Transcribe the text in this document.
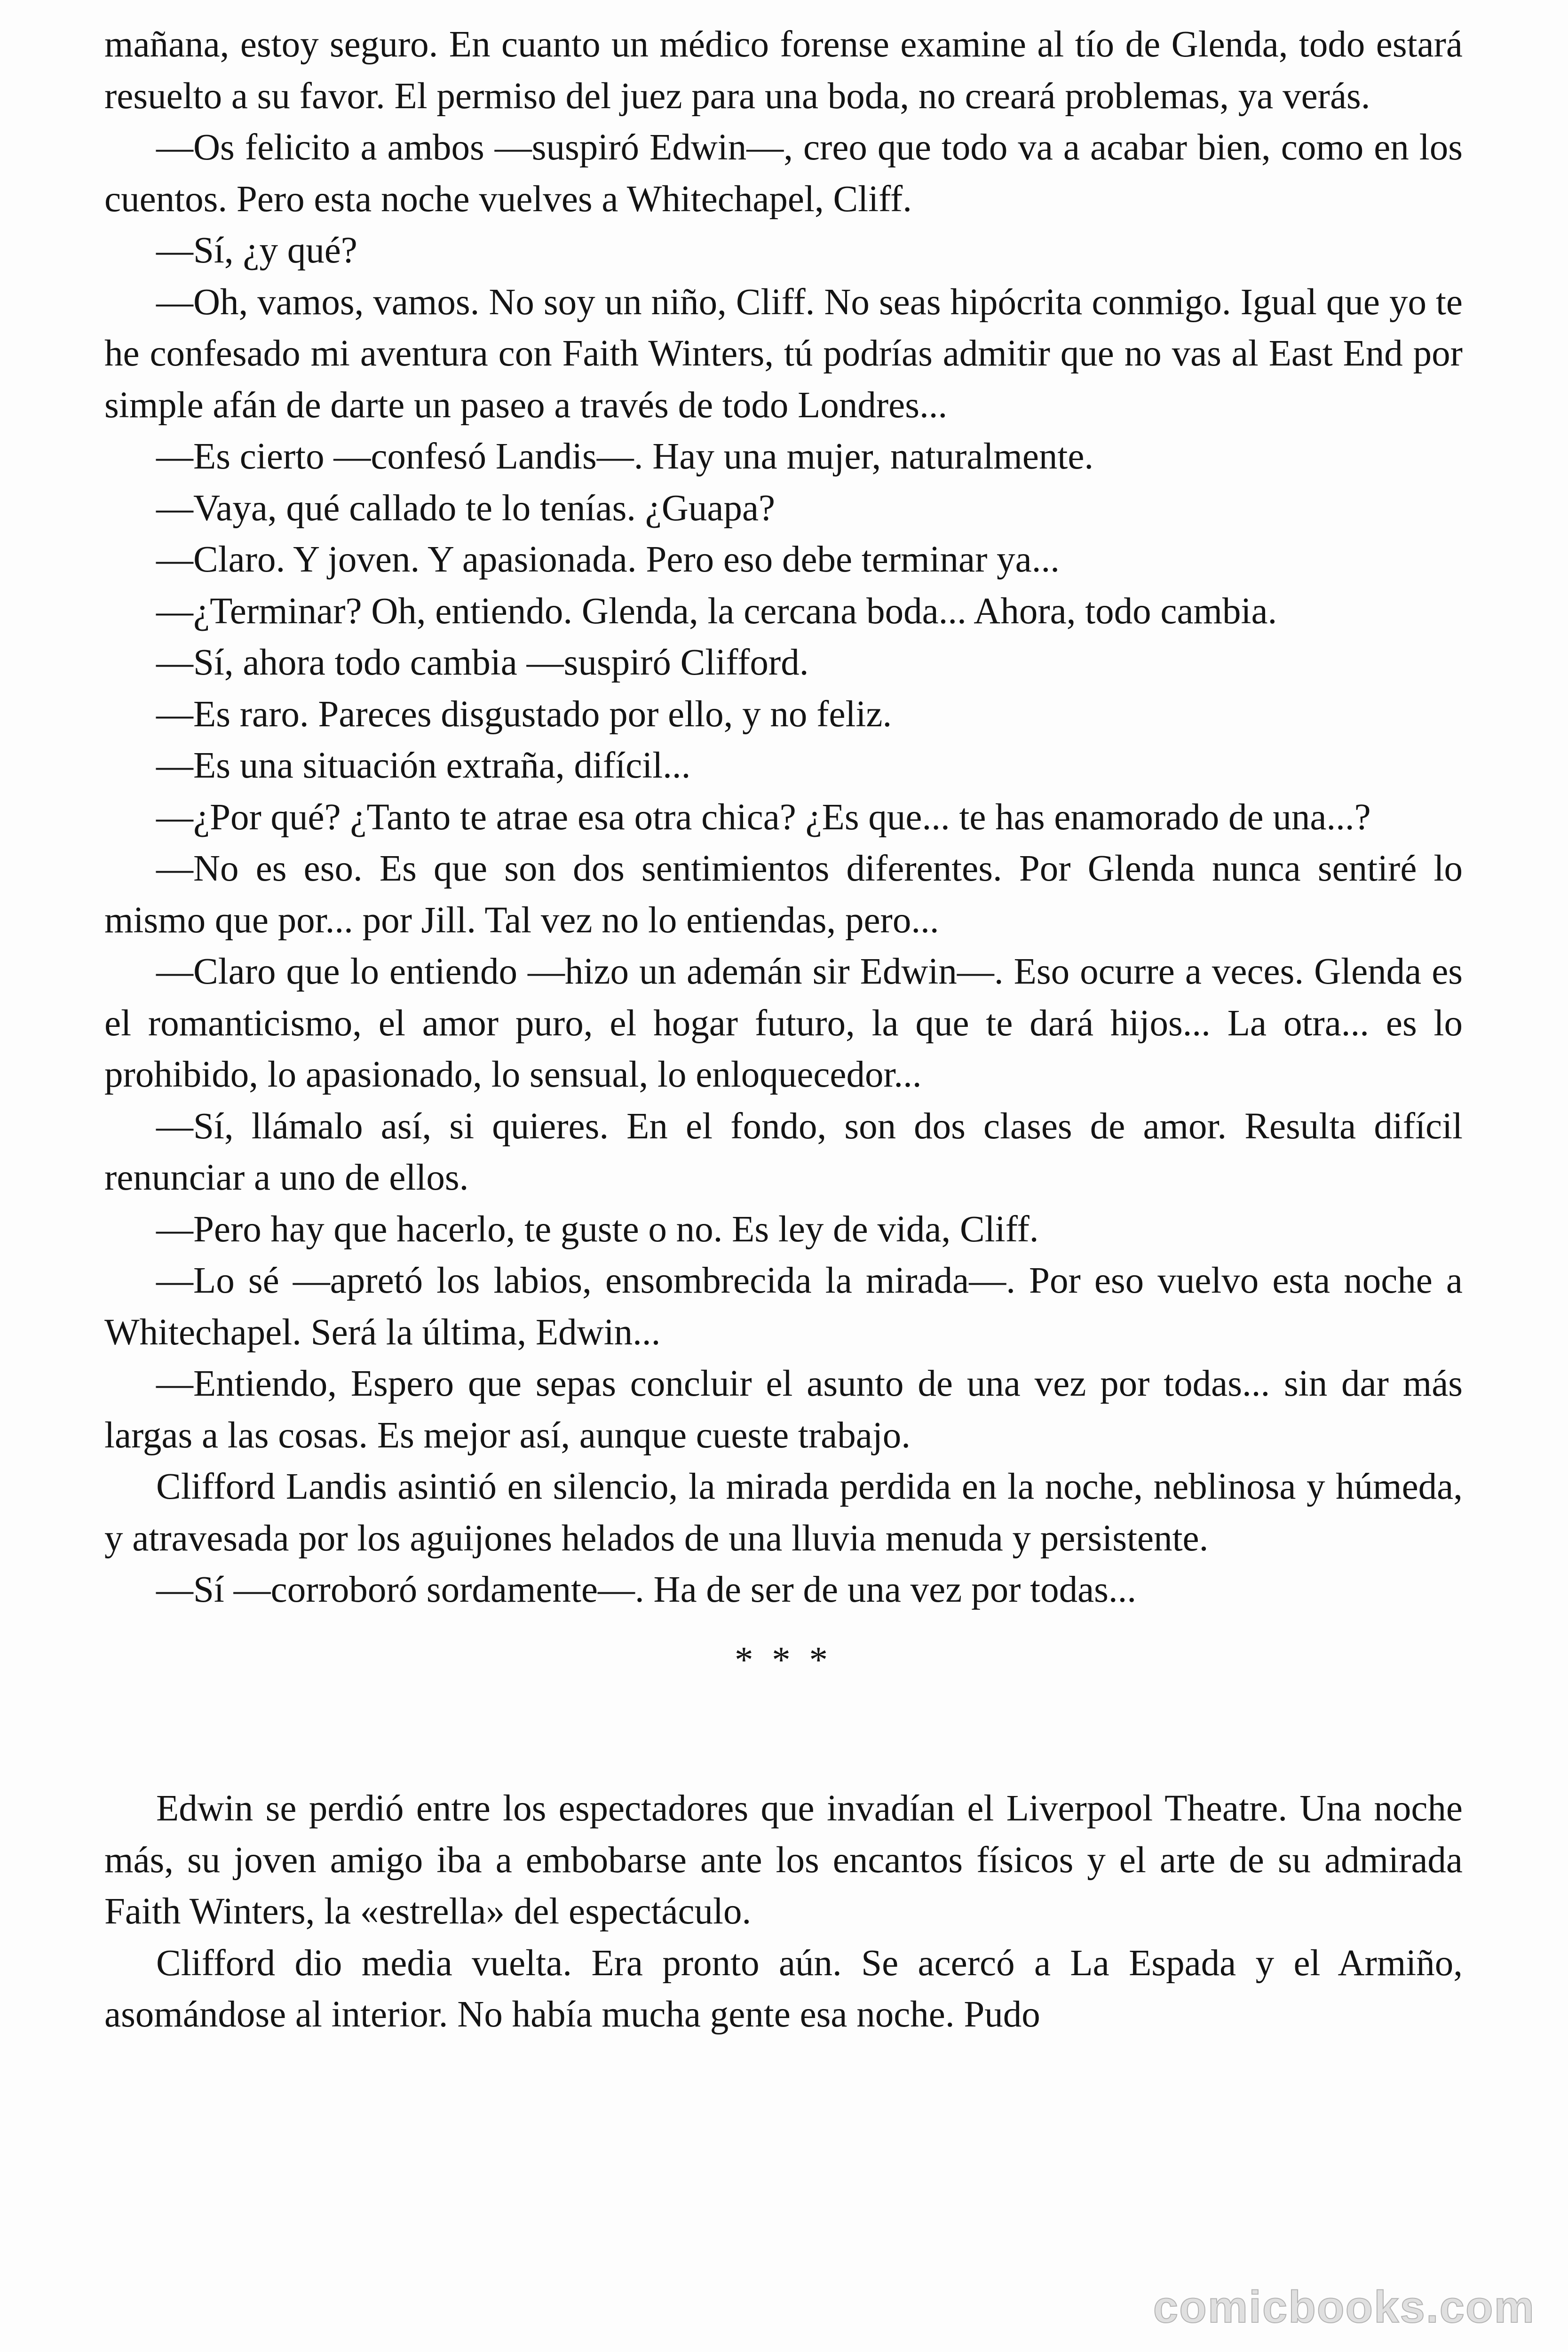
mañana, estoy seguro. En cuanto un médico forense examine al tío de Glenda, todo estará resuelto a su favor. El permiso del juez para una boda, no creará problemas, ya verás.

—Os felicito a ambos —suspiró Edwin—, creo que todo va a acabar bien, como en los cuentos. Pero esta noche vuelves a Whitechapel, Cliff.

—Sí, ¿y qué?

—Oh, vamos, vamos. No soy un niño, Cliff. No seas hipócrita conmigo. Igual que yo te he confesado mi aventura con Faith Winters, tú podrías admitir que no vas al East End por simple afán de darte un paseo a través de todo Londres...

—Es cierto —confesó Landis—. Hay una mujer, naturalmente.

—Vaya, qué callado te lo tenías. ¿Guapa?

—Claro. Y joven. Y apasionada. Pero eso debe terminar ya...

—¿Terminar? Oh, entiendo. Glenda, la cercana boda... Ahora, todo cambia.

—Sí, ahora todo cambia —suspiró Clifford.

—Es raro. Pareces disgustado por ello, y no feliz.

—Es una situación extraña, difícil...

—¿Por qué? ¿Tanto te atrae esa otra chica? ¿Es que... te has enamorado de una...?

—No es eso. Es que son dos sentimientos diferentes. Por Glenda nunca sentiré lo mismo que por... por Jill. Tal vez no lo entiendas, pero...

—Claro que lo entiendo —hizo un ademán sir Edwin—. Eso ocurre a veces. Glenda es el romanticismo, el amor puro, el hogar futuro, la que te dará hijos... La otra... es lo prohibido, lo apasionado, lo sensual, lo enloquecedor...

—Sí, llámalo así, si quieres. En el fondo, son dos clases de amor. Resulta difícil renunciar a uno de ellos.

—Pero hay que hacerlo, te guste o no. Es ley de vida, Cliff.

—Lo sé —apretó los labios, ensombrecida la mirada—. Por eso vuelvo esta noche a Whitechapel. Será la última, Edwin...

—Entiendo, Espero que sepas concluir el asunto de una vez por todas... sin dar más largas a las cosas. Es mejor así, aunque cueste trabajo.

Clifford Landis asintió en silencio, la mirada perdida en la noche, neblinosa y húmeda, y atravesada por los aguijones helados de una lluvia menuda y persistente.

—Sí —corroboró sordamente—. Ha de ser de una vez por todas...

* * *

Edwin se perdió entre los espectadores que invadían el Liverpool Theatre. Una noche más, su joven amigo iba a embobarse ante los encantos físicos y el arte de su admirada Faith Winters, la «estrella» del espectáculo.

Clifford dio media vuelta. Era pronto aún. Se acercó a La Espada y el Armiño, asomándose al interior. No había mucha gente esa noche. Pudo

comicbooks.com
